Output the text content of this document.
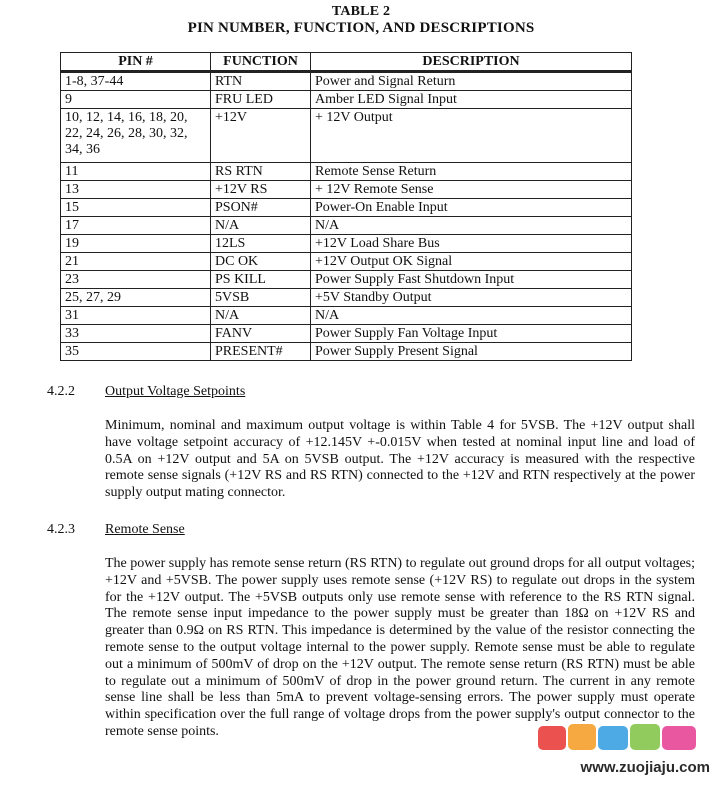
TABLE 2
PIN NUMBER, FUNCTION, AND DESCRIPTIONS
PIN #	FUNCTION	DESCRIPTION
1-8, 37-44	RTN	Power and Signal Return
9	FRU LED	Amber LED Signal Input
10, 12, 14, 16, 18, 20, 22, 24, 26, 28, 30, 32, 34, 36	+12V	+ 12V Output
11	RS RTN	Remote Sense Return
13	+12V RS	+ 12V Remote Sense
15	PSON#	Power-On Enable Input
17	N/A	N/A
19	12LS	+12V Load Share Bus
21	DC OK	+12V Output OK Signal
23	PS KILL	Power Supply Fast Shutdown Input
25, 27, 29	5VSB	+5V Standby Output
31	N/A	N/A
33	FANV	Power Supply Fan Voltage Input
35	PRESENT#	Power Supply Present Signal
4.2.2 Output Voltage Setpoints
Minimum, nominal and maximum output voltage is within Table 4 for 5VSB. The +12V output shall have voltage setpoint accuracy of +12.145V +-0.015V when tested at nominal input line and load of 0.5A on +12V output and 5A on 5VSB output. The +12V accuracy is measured with the respective remote sense signals (+12V RS and RS RTN) connected to the +12V and RTN respectively at the power supply output mating connector.
4.2.3 Remote Sense
The power supply has remote sense return (RS RTN) to regulate out ground drops for all output voltages; +12V and +5VSB. The power supply uses remote sense (+12V RS) to regulate out drops in the system for the +12V output. The +5VSB outputs only use remote sense with reference to the RS RTN signal. The remote sense input impedance to the power supply must be greater than 18Ω on +12V RS and greater than 0.9Ω on RS RTN. This impedance is determined by the value of the resistor connecting the remote sense to the output voltage internal to the power supply. Remote sense must be able to regulate out a minimum of 500mV of drop on the +12V output. The remote sense return (RS RTN) must be able to regulate out a minimum of 500mV of drop in the power ground return. The current in any remote sense line shall be less than 5mA to prevent voltage-sensing errors. The power supply must operate within specification over the full range of voltage drops from the power supply's output connector to the remote sense points.
www.zuojiaju.com
